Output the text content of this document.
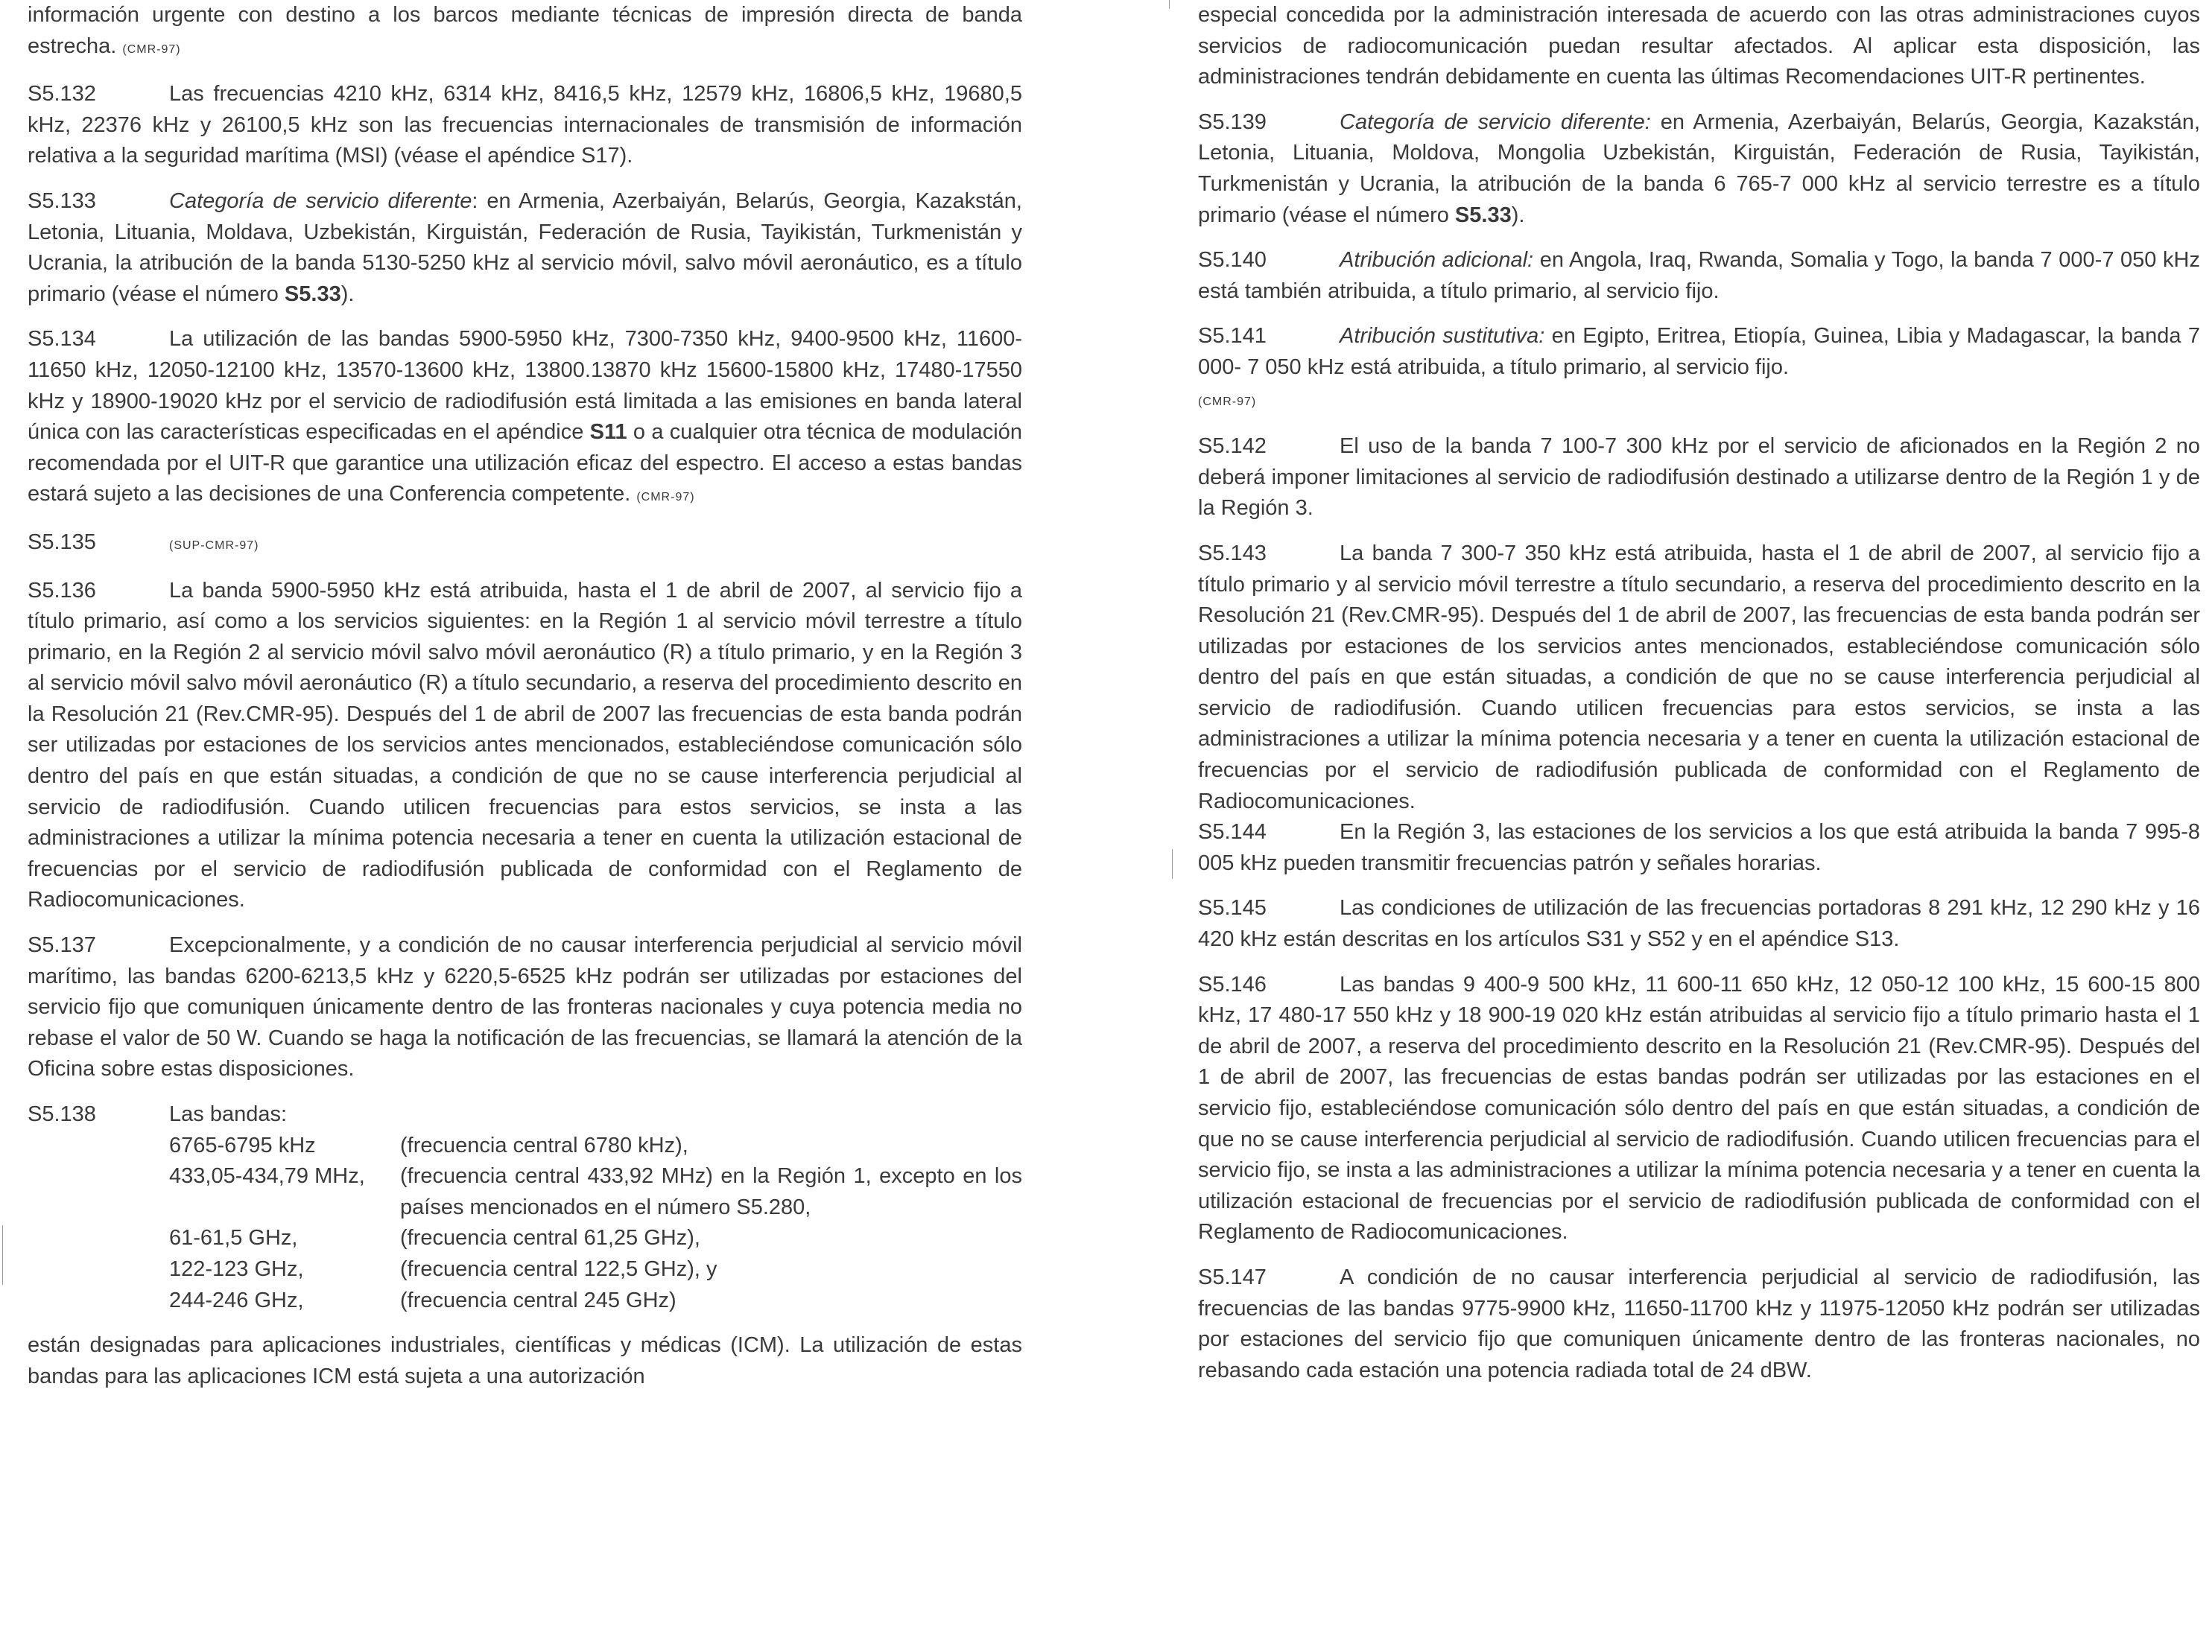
información urgente con destino a los barcos mediante técnicas de impresión directa de banda estrecha. (CMR-97)

S5.132	Las frecuencias 4210 kHz, 6314 kHz, 8416,5 kHz, 12579 kHz, 16806,5 kHz, 19680,5 kHz, 22376 kHz y 26100,5 kHz son las frecuencias internacionales de transmisión de información relativa a la seguridad marítima (MSI) (véase el apéndice S17).

S5.133	Categoría de servicio diferente: en Armenia, Azerbaiyán, Belarús, Georgia, Kazakstán, Letonia, Lituania, Moldava, Uzbekistán, Kirguistán, Federación de Rusia, Tayikistán, Turkmenistán y Ucrania, la atribución de la banda 5130-5250 kHz al servicio móvil, salvo móvil aeronáutico, es a título primario (véase el número S5.33).

S5.134	La utilización de las bandas 5900-5950 kHz, 7300-7350 kHz, 9400-9500 kHz, 11600-11650 kHz, 12050-12100 kHz, 13570-13600 kHz, 13800.13870 kHz 15600-15800 kHz, 17480-17550 kHz y 18900-19020 kHz por el servicio de radiodifusión está limitada a las emisiones en banda lateral única con las características especificadas en el apéndice S11 o a cualquier otra técnica de modulación recomendada por el UIT-R que garantice una utilización eficaz del espectro. El acceso a estas bandas estará sujeto a las decisiones de una Conferencia competente. (CMR-97)

S5.135	(SUP-CMR-97)

S5.136	La banda 5900-5950 kHz está atribuida, hasta el 1 de abril de 2007, al servicio fijo a título primario, así como a los servicios siguientes: en la Región 1 al servicio móvil terrestre a título primario, en la Región 2 al servicio móvil salvo móvil aeronáutico (R) a título primario, y en la Región 3 al servicio móvil salvo móvil aeronáutico (R) a título secundario, a reserva del procedimiento descrito en la Resolución 21 (Rev.CMR-95). Después del 1 de abril de 2007 las frecuencias de esta banda podrán ser utilizadas por estaciones de los servicios antes mencionados, estableciéndose comunicación sólo dentro del país en que están situadas, a condición de que no se cause interferencia perjudicial al servicio de radiodifusión. Cuando utilicen frecuencias para estos servicios, se insta a las administraciones a utilizar la mínima potencia necesaria a tener en cuenta la utilización estacional de frecuencias por el servicio de radiodifusión publicada de conformidad con el Reglamento de Radiocomunicaciones.

S5.137	Excepcionalmente, y a condición de no causar interferencia perjudicial al servicio móvil marítimo, las bandas 6200-6213,5 kHz y 6220,5-6525 kHz podrán ser utilizadas por estaciones del servicio fijo que comuniquen únicamente dentro de las fronteras nacionales y cuya potencia media no rebase el valor de 50 W. Cuando se haga la notificación de las frecuencias, se llamará la atención de la Oficina sobre estas disposiciones.

S5.138	Las bandas:

6765-6795 kHz	(frecuencia central 6780 kHz),
433,05-434,79 MHz,	(frecuencia central 433,92 MHz) en la Región 1, excepto en los países mencionados en el número S5.280,
61-61,5 GHz,	(frecuencia central 61,25 GHz),
122-123 GHz,	(frecuencia central 122,5 GHz), y
244-246 GHz,	(frecuencia central 245 GHz)

están designadas para aplicaciones industriales, científicas y médicas (ICM). La utilización de estas bandas para las aplicaciones ICM está sujeta a una autorización

especial concedida por la administración interesada de acuerdo con las otras administraciones cuyos servicios de radiocomunicación puedan resultar afectados. Al aplicar esta disposición, las administraciones tendrán debidamente en cuenta las últimas Recomendaciones UIT-R pertinentes.

S5.139	Categoría de servicio diferente: en Armenia, Azerbaiyán, Belarús, Georgia, Kazakstán, Letonia, Lituania, Moldova, Mongolia Uzbekistán, Kirguistán, Federación de Rusia, Tayikistán, Turkmenistán y Ucrania, la atribución de la banda 6 765-7 000 kHz al servicio terrestre es a título primario (véase el número S5.33).

S5.140	Atribución adicional: en Angola, Iraq, Rwanda, Somalia y Togo, la banda 7 000-7 050 kHz está también atribuida, a título primario, al servicio fijo.

S5.141	Atribución sustitutiva: en Egipto, Eritrea, Etiopía, Guinea, Libia y Madagascar, la banda 7 000- 7 050 kHz está atribuida, a título primario, al servicio fijo.
(CMR-97)

S5.142	El uso de la banda 7 100-7 300 kHz por el servicio de aficionados en la Región 2 no deberá imponer limitaciones al servicio de radiodifusión destinado a utilizarse dentro de la Región 1 y de la Región 3.

S5.143	La banda 7 300-7 350 kHz está atribuida, hasta el 1 de abril de 2007, al servicio fijo a título primario y al servicio móvil terrestre a título secundario, a reserva del procedimiento descrito en la Resolución 21 (Rev.CMR-95). Después del 1 de abril de 2007, las frecuencias de esta banda podrán ser utilizadas por estaciones de los servicios antes mencionados, estableciéndose comunicación sólo dentro del país en que están situadas, a condición de que no se cause interferencia perjudicial al servicio de radiodifusión. Cuando utilicen frecuencias para estos servicios, se insta a las administraciones a utilizar la mínima potencia necesaria y a tener en cuenta la utilización estacional de frecuencias por el servicio de radiodifusión publicada de conformidad con el Reglamento de Radiocomunicaciones.

S5.144	En la Región 3, las estaciones de los servicios a los que está atribuida la banda 7 995-8 005 kHz pueden transmitir frecuencias patrón y señales horarias.

S5.145	Las condiciones de utilización de las frecuencias portadoras 8 291 kHz, 12 290 kHz y 16 420 kHz están descritas en los artículos S31 y S52 y en el apéndice S13.

S5.146	Las bandas 9 400-9 500 kHz, 11 600-11 650 kHz, 12 050-12 100 kHz, 15 600-15 800 kHz, 17 480-17 550 kHz y 18 900-19 020 kHz están atribuidas al servicio fijo a título primario hasta el 1 de abril de 2007, a reserva del procedimiento descrito en la Resolución 21 (Rev.CMR-95). Después del 1 de abril de 2007, las frecuencias de estas bandas podrán ser utilizadas por las estaciones en el servicio fijo, estableciéndose comunicación sólo dentro del país en que están situadas, a condición de que no se cause interferencia perjudicial al servicio de radiodifusión. Cuando utilicen frecuencias para el servicio fijo, se insta a las administraciones a utilizar la mínima potencia necesaria y a tener en cuenta la utilización estacional de frecuencias por el servicio de radiodifusión publicada de conformidad con el Reglamento de Radiocomunicaciones.

S5.147	A condición de no causar interferencia perjudicial al servicio de radiodifusión, las frecuencias de las bandas 9775-9900 kHz, 11650-11700 kHz y 11975-12050 kHz podrán ser utilizadas por estaciones del servicio fijo que comuniquen únicamente dentro de las fronteras nacionales, no rebasando cada estación una potencia radiada total de 24 dBW.
